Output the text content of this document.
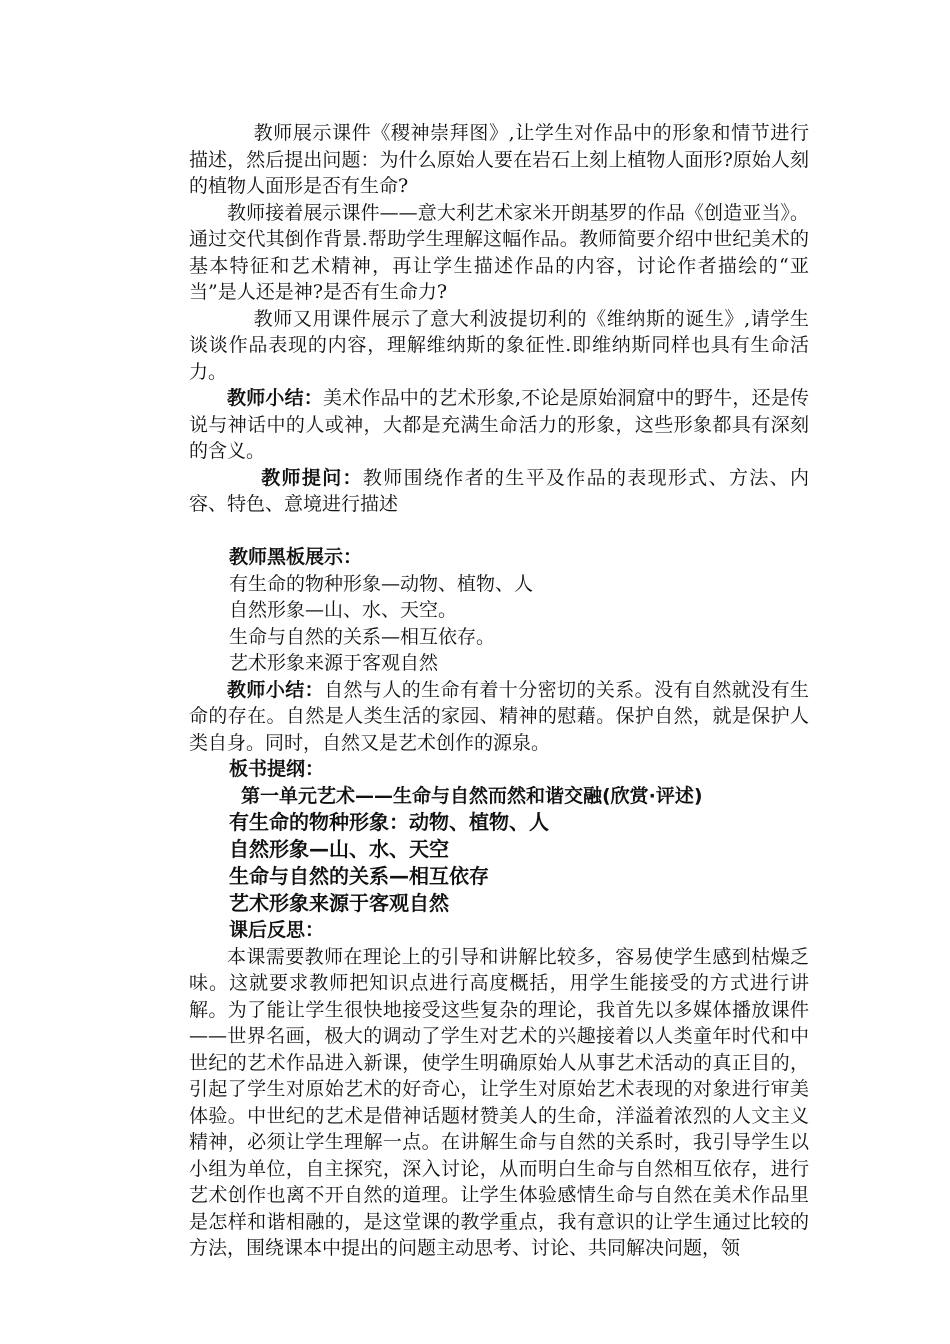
教师展示课件《稷神崇拜图》,让学生对作品中的形象和情节进行描述，然后提出问题：为什么原始人要在岩石上刻上植物人面形?原始人刻的植物人面形是否有生命?

教师接着展示课件——意大利艺术家米开朗基罗的作品《创造亚当》。通过交代其倒作背景.帮助学生理解这幅作品。教师简要介绍中世纪美术的基本特征和艺术精神，再让学生描述作品的内容，讨论作者描绘的“亚当”是人还是神?是否有生命力?

教师又用课件展示了意大利波提切利的《维纳斯的诞生》,请学生谈谈作品表现的内容，理解维纳斯的象征性.即维纳斯同样也具有生命活力。

教师小结：美术作品中的艺术形象,不论是原始洞窟中的野牛，还是传说与神话中的人或神，大都是充满生命活力的形象，这些形象都具有深刻的含义。

教师提问：教师围绕作者的生平及作品的表现形式、方法、内容、特色、意境进行描述

教师黑板展示：

有生命的物种形象—动物、植物、人

自然形象—山、水、天空。

生命与自然的关系—相互依存。

艺术形象来源于客观自然

教师小结：自然与人的生命有着十分密切的关系。没有自然就没有生命的存在。自然是人类生活的家园、精神的慰藉。保护自然，就是保护人类自身。同时，自然又是艺术创作的源泉。

板书提纲：

第一单元艺术——生命与自然而然和谐交融(欣赏·评述)

有生命的物种形象：动物、植物、人

自然形象—山、水、天空

生命与自然的关系—相互依存

艺术形象来源于客观自然

课后反思：

本课需要教师在理论上的引导和讲解比较多，容易使学生感到枯燥乏味。这就要求教师把知识点进行高度概括，用学生能接受的方式进行讲解。为了能让学生很快地接受这些复杂的理论，我首先以多媒体播放课件——世界名画，极大的调动了学生对艺术的兴趣接着以人类童年时代和中世纪的艺术作品进入新课，使学生明确原始人从事艺术活动的真正目的，引起了学生对原始艺术的好奇心，让学生对原始艺术表现的对象进行审美体验。中世纪的艺术是借神话题材赞美人的生命，洋溢着浓烈的人文主义精神，必须让学生理解一点。在讲解生命与自然的关系时，我引导学生以小组为单位，自主探究，深入讨论，从而明白生命与自然相互依存，进行艺术创作也离不开自然的道理。让学生体验感情生命与自然在美术作品里是怎样和谐相融的，是这堂课的教学重点，我有意识的让学生通过比较的方法，围绕课本中提出的问题主动思考、讨论、共同解决问题，领
